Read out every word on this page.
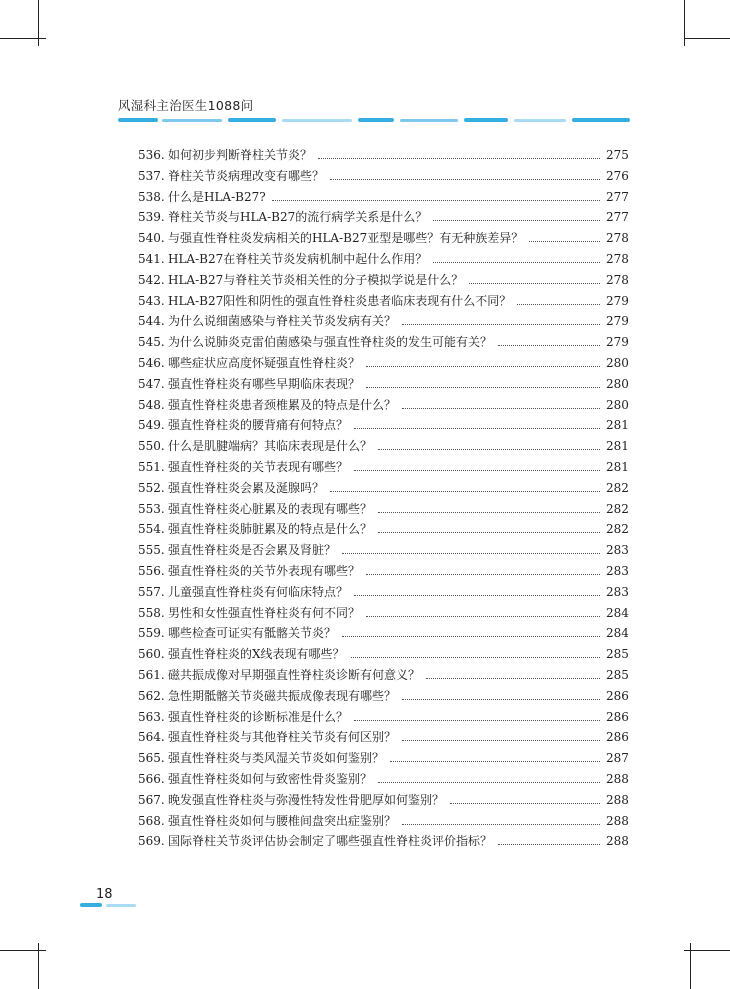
风湿科主治医生1088问
536. 如何初步判断脊柱关节炎？	275
537. 脊柱关节炎病理改变有哪些？	276
538. 什么是HLA-B27?	277
539. 脊柱关节炎与HLA-B27的流行病学关系是什么？	277
540. 与强直性脊柱炎发病相关的HLA-B27亚型是哪些？有无种族差异？	278
541. HLA-B27在脊柱关节炎发病机制中起什么作用？	278
542. HLA-B27与脊柱关节炎相关性的分子模拟学说是什么？	278
543. HLA-B27阳性和阴性的强直性脊柱炎患者临床表现有什么不同？	279
544. 为什么说细菌感染与脊柱关节炎发病有关？	279
545. 为什么说肺炎克雷伯菌感染与强直性脊柱炎的发生可能有关？	279
546. 哪些症状应高度怀疑强直性脊柱炎？	280
547. 强直性脊柱炎有哪些早期临床表现？	280
548. 强直性脊柱炎患者颈椎累及的特点是什么？	280
549. 强直性脊柱炎的腰背痛有何特点？	281
550. 什么是肌腱端病？其临床表现是什么？	281
551. 强直性脊柱炎的关节表现有哪些？	281
552. 强直性脊柱炎会累及涎腺吗？	282
553. 强直性脊柱炎心脏累及的表现有哪些？	282
554. 强直性脊柱炎肺脏累及的特点是什么？	282
555. 强直性脊柱炎是否会累及肾脏？	283
556. 强直性脊柱炎的关节外表现有哪些？	283
557. 儿童强直性脊柱炎有何临床特点？	283
558. 男性和女性强直性脊柱炎有何不同？	284
559. 哪些检查可证实有骶髂关节炎？	284
560. 强直性脊柱炎的X线表现有哪些？	285
561. 磁共振成像对早期强直性脊柱炎诊断有何意义？	285
562. 急性期骶髂关节炎磁共振成像表现有哪些？	286
563. 强直性脊柱炎的诊断标准是什么？	286
564. 强直性脊柱炎与其他脊柱关节炎有何区别？	286
565. 强直性脊柱炎与类风湿关节炎如何鉴别？	287
566. 强直性脊柱炎如何与致密性骨炎鉴别？	288
567. 晚发强直性脊柱炎与弥漫性特发性骨肥厚如何鉴别？	288
568. 强直性脊柱炎如何与腰椎间盘突出症鉴别？	288
569. 国际脊柱关节炎评估协会制定了哪些强直性脊柱炎评价指标？	288
18
